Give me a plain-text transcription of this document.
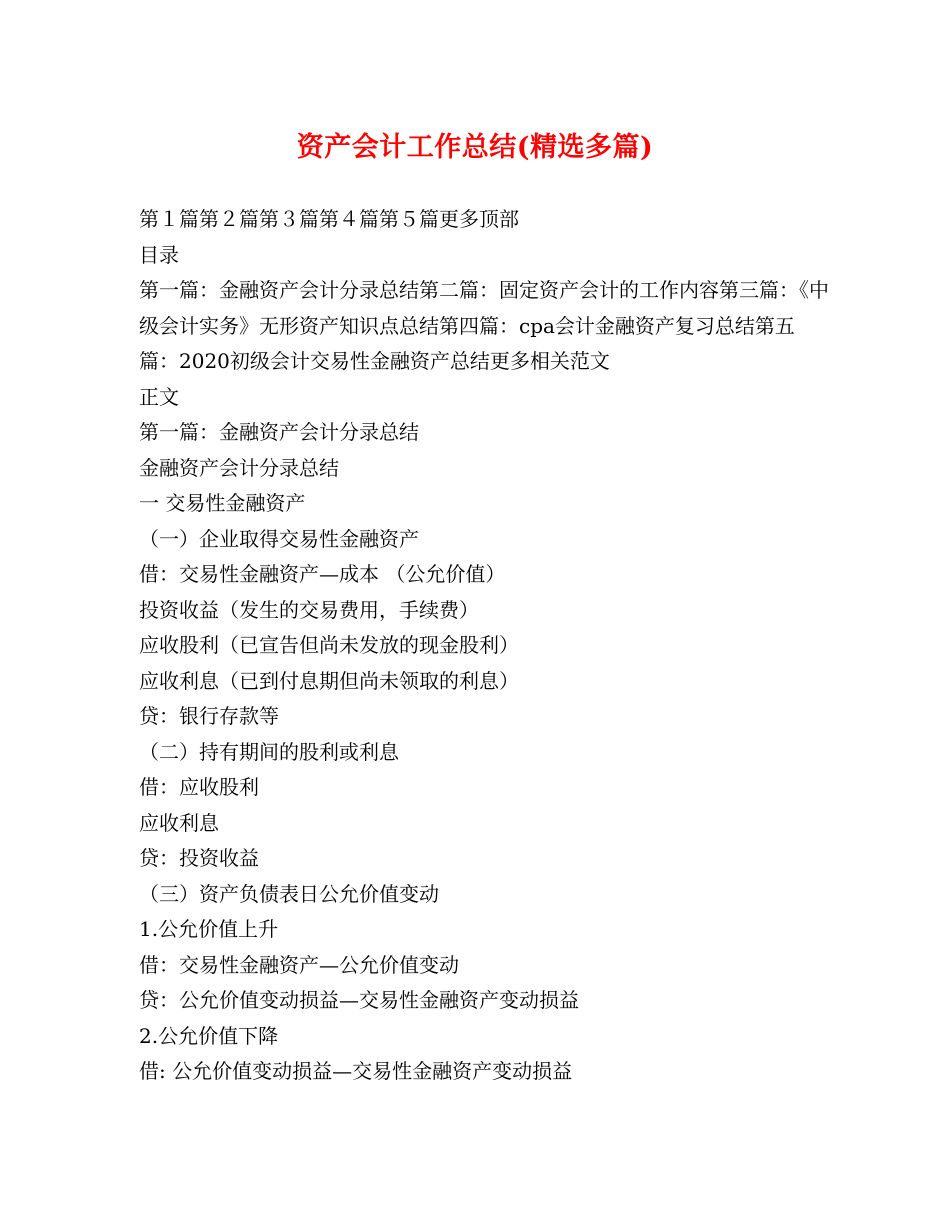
资产会计工作总结(精选多篇)
第１篇第２篇第３篇第４篇第５篇更多顶部
目录
第一篇：金融资产会计分录总结第二篇：固定资产会计的工作内容第三篇：《中级会计实务》无形资产知识点总结第四篇：cpa会计金融资产复习总结第五篇：2020初级会计交易性金融资产总结更多相关范文
正文
第一篇：金融资产会计分录总结
金融资产会计分录总结
一 交易性金融资产
（一）企业取得交易性金融资产
借：交易性金融资产—成本 （公允价值）
投资收益（发生的交易费用，手续费）
应收股利（已宣告但尚未发放的现金股利）
应收利息（已到付息期但尚未领取的利息）
贷：银行存款等
（二）持有期间的股利或利息
借：应收股利
应收利息
贷：投资收益
（三）资产负债表日公允价值变动
1.公允价值上升
借：交易性金融资产—公允价值变动
贷：公允价值变动损益—交易性金融资产变动损益
2.公允价值下降
借: 公允价值变动损益—交易性金融资产变动损益
